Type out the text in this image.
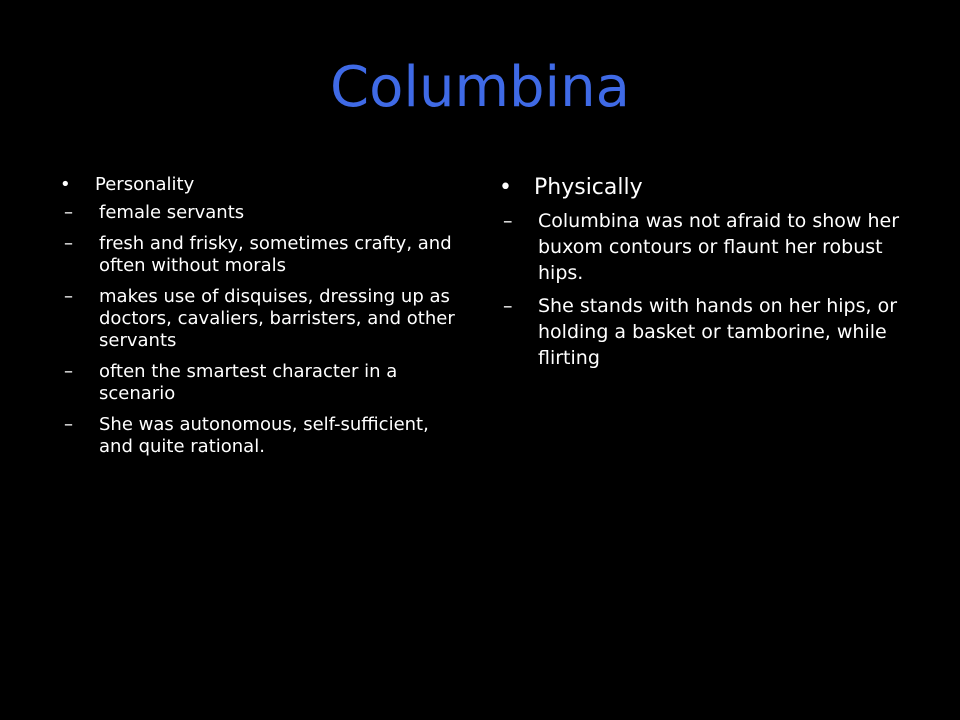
Columbina
• Personality
– female servants
– fresh and frisky, sometimes crafty, and often without morals
– makes use of disquises, dressing up as doctors, cavaliers, barristers, and other servants
– often the smartest character in a scenario
– She was autonomous, self-sufficient, and quite rational.
• Physically
– Columbina was not afraid to show her buxom contours or flaunt her robust hips.
– She stands with hands on her hips, or holding a basket or tamborine, while flirting
